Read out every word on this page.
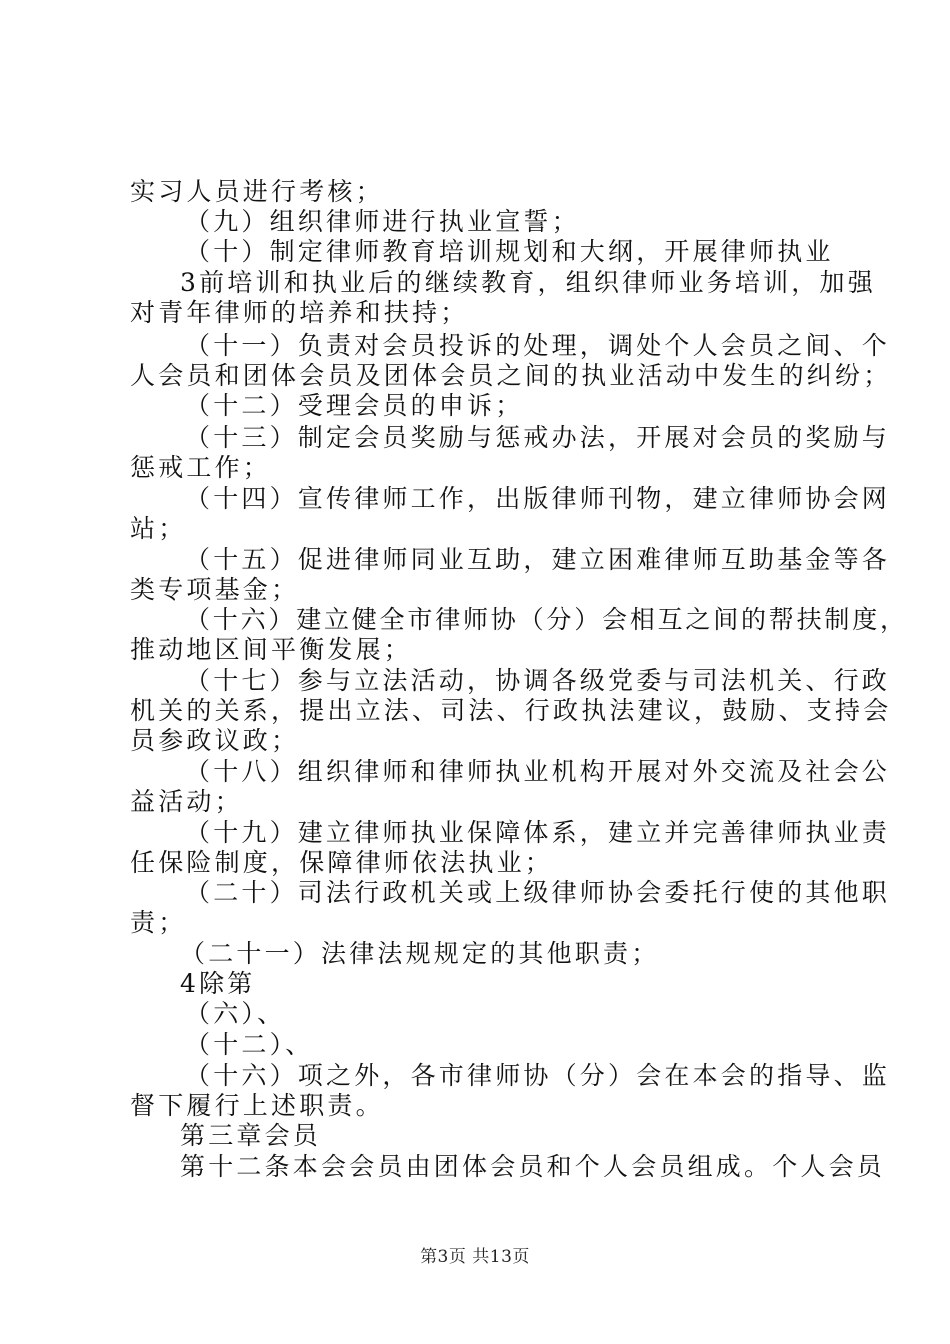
实习人员进行考核；
（九）组织律师进行执业宣誓；
（十）制定律师教育培训规划和大纲，开展律师执业
3前培训和执业后的继续教育，组织律师业务培训，加强
对青年律师的培养和扶持；
（十一）负责对会员投诉的处理，调处个人会员之间、个
人会员和团体会员及团体会员之间的执业活动中发生的纠纷；
（十二）受理会员的申诉；
（十三）制定会员奖励与惩戒办法，开展对会员的奖励与
惩戒工作；
（十四）宣传律师工作，出版律师刊物，建立律师协会网
站；
（十五）促进律师同业互助，建立困难律师互助基金等各
类专项基金；
（十六）建立健全市律师协（分）会相互之间的帮扶制度，
推动地区间平衡发展；
（十七）参与立法活动，协调各级党委与司法机关、行政
机关的关系，提出立法、司法、行政执法建议，鼓励、支持会
员参政议政；
（十八）组织律师和律师执业机构开展对外交流及社会公
益活动；
（十九）建立律师执业保障体系，建立并完善律师执业责
任保险制度，保障律师依法执业；
（二十）司法行政机关或上级律师协会委托行使的其他职
责；
（二十一）法律法规规定的其他职责；
4除第
（六）、
（十二）、
（十六）项之外，各市律师协（分）会在本会的指导、监
督下履行上述职责。
第三章会员
第十二条本会会员由团体会员和个人会员组成。个人会员
第3页 共13页
